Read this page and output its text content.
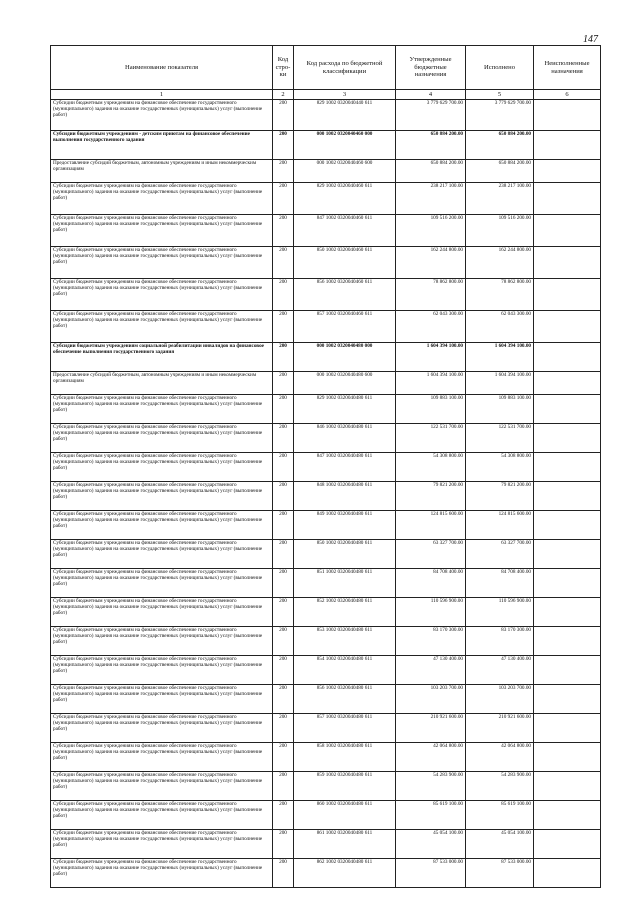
147
Наименование показателя	Код стро-ки	Код расхода по бюджетной классификации	Утвержденные бюджетные назначения	Исполнено	Неисполненные назначения
1	2	3	4	5	6
Субсидии бюджетным учреждениям на финансовое обеспечение государственного (муниципального) задания на оказание государственных (муниципальных) услуг (выполнение работ)	200	829 1002 0320040440 611	3 779 629 700.00	3 779 629 700.00	
Субсидии бюджетным учреждениям - детским приютам на финансовое обеспечение выполнения государственного задания	200	000 1002 0320040460 000	650 884 200.00	650 884 200.00	
Предоставление субсидий бюджетным, автономным учреждениям и иным некоммерческим организациям	200	000 1002 0320040460 600	650 884 200.00	650 884 200.00	
Субсидии бюджетным учреждениям на финансовое обеспечение государственного (муниципального) задания на оказание государственных (муниципальных) услуг (выполнение работ)	200	829 1002 0320040460 611	238 217 100.00	238 217 100.00	
Субсидии бюджетным учреждениям на финансовое обеспечение государственного (муниципального) задания на оказание государственных (муниципальных) услуг (выполнение работ)	200	847 1002 0320040460 611	109 516 200.00	109 516 200.00	
Субсидии бюджетным учреждениям на финансовое обеспечение государственного (муниципального) задания на оказание государственных (муниципальных) услуг (выполнение работ)	200	850 1002 0320040460 611	162 244 800.00	162 244 800.00	
Субсидии бюджетным учреждениям на финансовое обеспечение государственного (муниципального) задания на оказание государственных (муниципальных) услуг (выполнение работ)	200	856 1002 0320040460 611	78 862 800.00	78 862 800.00	
Субсидии бюджетным учреждениям на финансовое обеспечение государственного (муниципального) задания на оказание государственных (муниципальных) услуг (выполнение работ)	200	857 1002 0320040460 611	62 043 300.00	62 043 300.00	
Субсидии бюджетным учреждениям социальной реабилитации инвалидов на финансовое обеспечение выполнения государственного задания	200	000 1002 0320040480 000	1 604 394 100.00	1 604 394 100.00	
Предоставление субсидий бюджетным, автономным учреждениям и иным некоммерческим организациям	200	000 1002 0320040480 600	1 604 394 100.00	1 604 394 100.00	
Субсидии бюджетным учреждениям на финансовое обеспечение государственного (муниципального) задания на оказание государственных (муниципальных) услуг (выполнение работ)	200	829 1002 0320040480 611	109 883 100.00	109 883 100.00	
Субсидии бюджетным учреждениям на финансовое обеспечение государственного (муниципального) задания на оказание государственных (муниципальных) услуг (выполнение работ)	200	846 1002 0320040480 611	122 531 700.00	122 531 700.00	
Субсидии бюджетным учреждениям на финансовое обеспечение государственного (муниципального) задания на оказание государственных (муниципальных) услуг (выполнение работ)	200	847 1002 0320040480 611	54 308 800.00	54 308 800.00	
Субсидии бюджетным учреждениям на финансовое обеспечение государственного (муниципального) задания на оказание государственных (муниципальных) услуг (выполнение работ)	200	848 1002 0320040480 611	79 821 200.00	79 821 200.00	
Субсидии бюджетным учреждениям на финансовое обеспечение государственного (муниципального) задания на оказание государственных (муниципальных) услуг (выполнение работ)	200	849 1002 0320040480 611	124 815 600.00	124 815 600.00	
Субсидии бюджетным учреждениям на финансовое обеспечение государственного (муниципального) задания на оказание государственных (муниципальных) услуг (выполнение работ)	200	850 1002 0320040480 611	63 327 700.00	63 327 700.00	
Субсидии бюджетным учреждениям на финансовое обеспечение государственного (муниципального) задания на оказание государственных (муниципальных) услуг (выполнение работ)	200	851 1002 0320040480 611	84 708 400.00	84 708 400.00	
Субсидии бюджетным учреждениям на финансовое обеспечение государственного (муниципального) задания на оказание государственных (муниципальных) услуг (выполнение работ)	200	852 1002 0320040480 611	110 596 900.00	110 596 900.00	
Субсидии бюджетным учреждениям на финансовое обеспечение государственного (муниципального) задания на оказание государственных (муниципальных) услуг (выполнение работ)	200	853 1002 0320040480 611	83 170 300.00	83 170 300.00	
Субсидии бюджетным учреждениям на финансовое обеспечение государственного (муниципального) задания на оказание государственных (муниципальных) услуг (выполнение работ)	200	854 1002 0320040480 611	47 130 400.00	47 130 400.00	
Субсидии бюджетным учреждениям на финансовое обеспечение государственного (муниципального) задания на оказание государственных (муниципальных) услуг (выполнение работ)	200	856 1002 0320040480 611	103 203 700.00	103 203 700.00	
Субсидии бюджетным учреждениям на финансовое обеспечение государственного (муниципального) задания на оказание государственных (муниципальных) услуг (выполнение работ)	200	857 1002 0320040480 611	210 921 600.00	210 921 600.00	
Субсидии бюджетным учреждениям на финансовое обеспечение государственного (муниципального) задания на оказание государственных (муниципальных) услуг (выполнение работ)	200	858 1002 0320040480 611	42 064 800.00	42 064 800.00	
Субсидии бюджетным учреждениям на финансовое обеспечение государственного (муниципального) задания на оказание государственных (муниципальных) услуг (выполнение работ)	200	859 1002 0320040480 611	54 283 900.00	54 283 900.00	
Субсидии бюджетным учреждениям на финансовое обеспечение государственного (муниципального) задания на оказание государственных (муниципальных) услуг (выполнение работ)	200	860 1002 0320040480 611	85 619 100.00	85 619 100.00	
Субсидии бюджетным учреждениям на финансовое обеспечение государственного (муниципального) задания на оказание государственных (муниципальных) услуг (выполнение работ)	200	861 1002 0320040480 611	45 054 100.00	45 054 100.00	
Субсидии бюджетным учреждениям на финансовое обеспечение государственного (муниципального) задания на оказание государственных (муниципальных) услуг (выполнение работ)	200	862 1002 0320040480 611	87 533 000.00	87 533 000.00	
